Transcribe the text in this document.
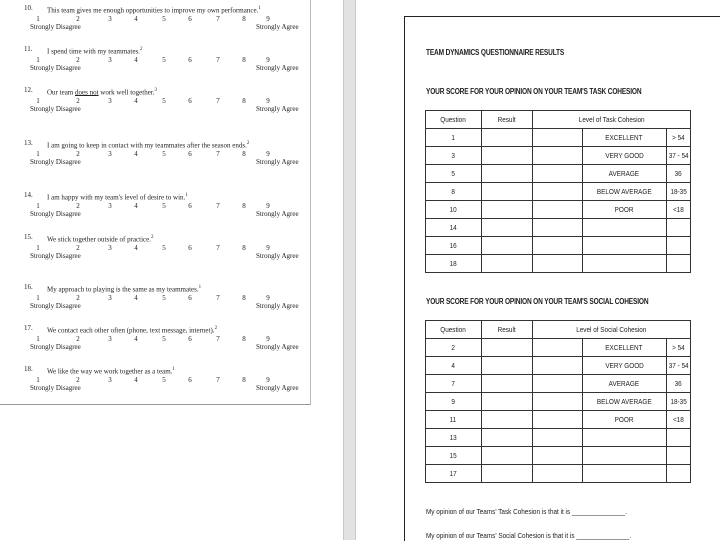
10. This team gives me enough opportunities to improve my own performance.$^1$
1	2	3	4	5	6	7	8	9
Strongly Disagree	Strongly Agree
11. I spend time with my teammates.$^2$
1	2	3	4	5	6	7	8	9
Strongly Disagree	Strongly Agree
12. Our team does not work well together.$^3$
1	2	3	4	5	6	7	8	9
Strongly Disagree	Strongly Agree
13. I am going to keep in contact with my teammates after the season ends.$^2$
1	2	3	4	5	6	7	8	9
Strongly Disagree	Strongly Agree
14. I am happy with my team's level of desire to win.$^1$
1	2	3	4	5	6	7	8	9
Strongly Disagree	Strongly Agree
15. We stick together outside of practice.$^2$
1	2	3	4	5	6	7	8	9
Strongly Disagree	Strongly Agree
16. My approach to playing is the same as my teammates.$^1$
1	2	3	4	5	6	7	8	9
Strongly Disagree	Strongly Agree
17. We contact each other often (phone, text message, internet).$^2$
1	2	3	4	5	6	7	8	9
Strongly Disagree	Strongly Agree
18. We like the way we work together as a team.$^1$
1	2	3	4	5	6	7	8	9
Strongly Disagree	Strongly Agree
TEAM DYNAMICS QUESTIONNAIRE RESULTS
YOUR SCORE FOR YOUR OPINION ON YOUR TEAM'S TASK COHESION
Question	Result	Level of Task Cohesion		
1			EXCELLENT	> 54
3			VERY GOOD	37 - 54
5			AVERAGE	36
8			BELOW AVERAGE	18-35
10			POOR	<18
14				
16				
18				
YOUR SCORE FOR YOUR OPINION ON YOUR TEAM'S SOCIAL COHESION
Question	Result	Level of Social Cohesion		
2			EXCELLENT	> 54
4			VERY GOOD	37 - 54
7			AVERAGE	36
9			BELOW AVERAGE	18-35
11			POOR	<18
13				
15				
17				
My opinion of our Teams' Task Cohesion is that it is _______________.
My opinion of our Teams' Social Cohesion is that it is _______________.
